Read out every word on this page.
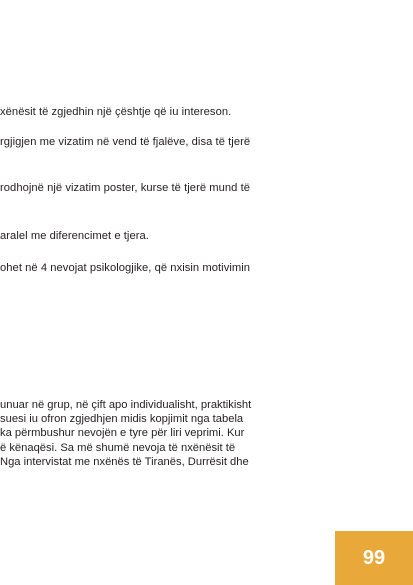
xënësit të zgjedhin një çështje që iu intereson.
rgjigjen me vizatim në vend të fjalëve, disa të tjerë
rodhojnë një vizatim poster, kurse të tjerë mund të
aralel me diferencimet e tjera.
ohet në 4 nevojat psikologjike, që nxisin motivimin
unuar në grup, në çift apo individualisht, praktikisht
suesi iu ofron zgjedhjen midis kopjimit nga tabela
ka përmbushur nevojën e tyre për liri veprimi. Kur
ë kënaqësi. Sa më shumë nevoja të nxënësit të
Nga intervistat me nxënës të Tiranës, Durrësit dhe
99
